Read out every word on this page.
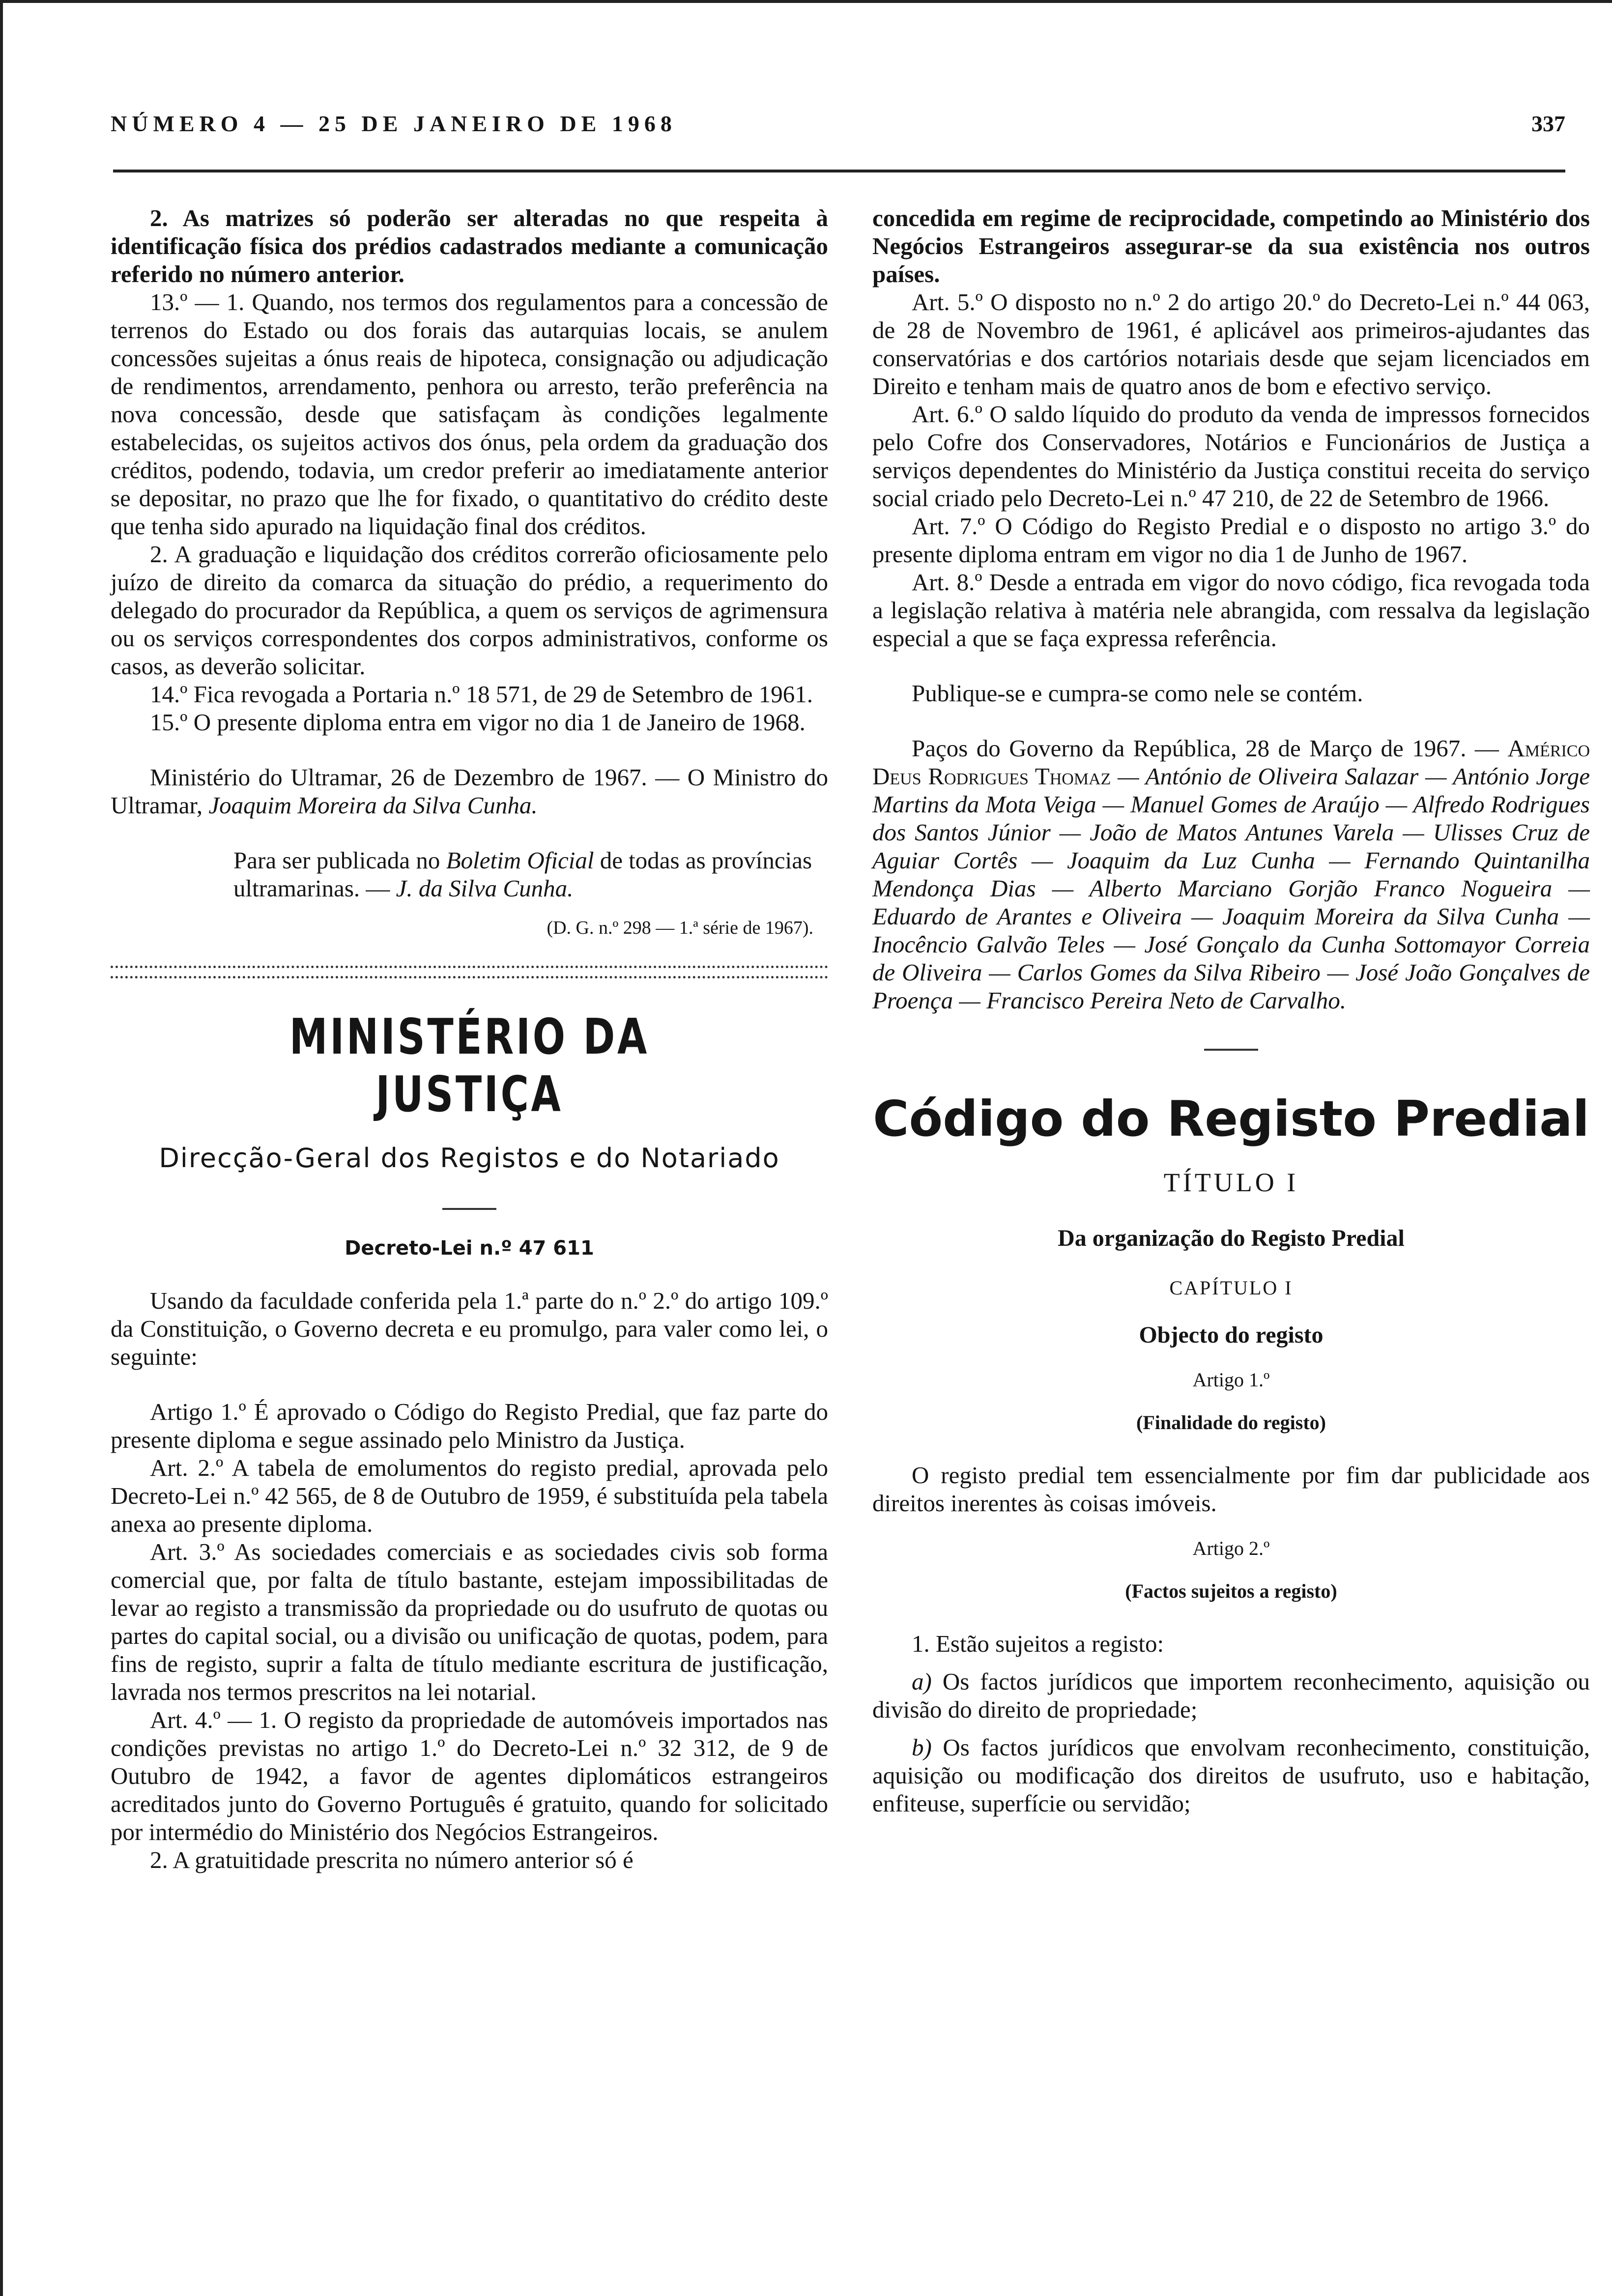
NÚMERO 4 — 25 DE JANEIRO DE 1968	337

2. As matrizes só poderão ser alteradas no que respeita à identificação física dos prédios cadastrados mediante a comunicação referido no número anterior.

13.º — 1. Quando, nos termos dos regulamentos para a concessão de terrenos do Estado ou dos forais das autarquias locais, se anulem concessões sujeitas a ónus reais de hipoteca, consignação ou adjudicação de rendimentos, arrendamento, penhora ou arresto, terão preferência na nova concessão, desde que satisfaçam às condições legalmente estabelecidas, os sujeitos activos dos ónus, pela ordem da graduação dos créditos, podendo, todavia, um credor preferir ao imediatamente anterior se depositar, no prazo que lhe for fixado, o quantitativo do crédito deste que tenha sido apurado na liquidação final dos créditos.

2. A graduação e liquidação dos créditos correrão oficiosamente pelo juízo de direito da comarca da situação do prédio, a requerimento do delegado do procurador da República, a quem os serviços de agrimensura ou os serviços correspondentes dos corpos administrativos, conforme os casos, as deverão solicitar.

14.º Fica revogada a Portaria n.º 18 571, de 29 de Setembro de 1961.

15.º O presente diploma entra em vigor no dia 1 de Janeiro de 1968.

Ministério do Ultramar, 26 de Dezembro de 1967. — O Ministro do Ultramar, Joaquim Moreira da Silva Cunha.
Para ser publicada no Boletim Oficial de todas as províncias ultramarinas. — J. da Silva Cunha.
(D. G. n.º 298 — 1.ª série de 1967).
MINISTÉRIO DA JUSTIÇA
Direcção-Geral dos Registos e do Notariado
Decreto-Lei n.º 47 611

Usando da faculdade conferida pela 1.ª parte do n.º 2.º do artigo 109.º da Constituição, o Governo decreta e eu promulgo, para valer como lei, o seguinte:

Artigo 1.º É aprovado o Código do Registo Predial, que faz parte do presente diploma e segue assinado pelo Ministro da Justiça.

Art. 2.º A tabela de emolumentos do registo predial, aprovada pelo Decreto-Lei n.º 42 565, de 8 de Outubro de 1959, é substituída pela tabela anexa ao presente diploma.

Art. 3.º As sociedades comerciais e as sociedades civis sob forma comercial que, por falta de título bastante, estejam impossibilitadas de levar ao registo a transmissão da propriedade ou do usufruto de quotas ou partes do capital social, ou a divisão ou unificação de quotas, podem, para fins de registo, suprir a falta de título mediante escritura de justificação, lavrada nos termos prescritos na lei notarial.

Art. 4.º — 1. O registo da propriedade de automóveis importados nas condições previstas no artigo 1.º do Decreto-Lei n.º 32 312, de 9 de Outubro de 1942, a favor de agentes diplomáticos estrangeiros acreditados junto do Governo Português é gratuito, quando for solicitado por intermédio do Ministério dos Negócios Estrangeiros.

2. A gratuitidade prescrita no número anterior só é

concedida em regime de reciprocidade, competindo ao Ministério dos Negócios Estrangeiros assegurar-se da sua existência nos outros países.

Art. 5.º O disposto no n.º 2 do artigo 20.º do Decreto-Lei n.º 44 063, de 28 de Novembro de 1961, é aplicável aos primeiros-ajudantes das conservatórias e dos cartórios notariais desde que sejam licenciados em Direito e tenham mais de quatro anos de bom e efectivo serviço.

Art. 6.º O saldo líquido do produto da venda de impressos fornecidos pelo Cofre dos Conservadores, Notários e Funcionários de Justiça a serviços dependentes do Ministério da Justiça constitui receita do serviço social criado pelo Decreto-Lei n.º 47 210, de 22 de Setembro de 1966.

Art. 7.º O Código do Registo Predial e o disposto no artigo 3.º do presente diploma entram em vigor no dia 1 de Junho de 1967.

Art. 8.º Desde a entrada em vigor do novo código, fica revogada toda a legislação relativa à matéria nele abrangida, com ressalva da legislação especial a que se faça expressa referência.

Publique-se e cumpra-se como nele se contém.

Paços do Governo da República, 28 de Março de 1967. — Américo Deus Rodrigues Thomaz — António de Oliveira Salazar — António Jorge Martins da Mota Veiga — Manuel Gomes de Araújo — Alfredo Rodrigues dos Santos Júnior — João de Matos Antunes Varela — Ulisses Cruz de Aguiar Cortês — Joaquim da Luz Cunha — Fernando Quintanilha Mendonça Dias — Alberto Marciano Gorjão Franco Nogueira — Eduardo de Arantes e Oliveira — Joaquim Moreira da Silva Cunha — Inocêncio Galvão Teles — José Gonçalo da Cunha Sottomayor Correia de Oliveira — Carlos Gomes da Silva Ribeiro — José João Gonçalves de Proença — Francisco Pereira Neto de Carvalho.

Código do Registo Predial
TÍTULO I
Da organização do Registo Predial
CAPÍTULO I
Objecto do registo
Artigo 1.º
(Finalidade do registo)

O registo predial tem essencialmente por fim dar publicidade aos direitos inerentes às coisas imóveis.

Artigo 2.º
(Factos sujeitos a registo)

1. Estão sujeitos a registo:

a) Os factos jurídicos que importem reconhecimento, aquisição ou divisão do direito de propriedade;

b) Os factos jurídicos que envolvam reconhecimento, constituição, aquisição ou modificação dos direitos de usufruto, uso e habitação, enfiteuse, superfície ou servidão;
